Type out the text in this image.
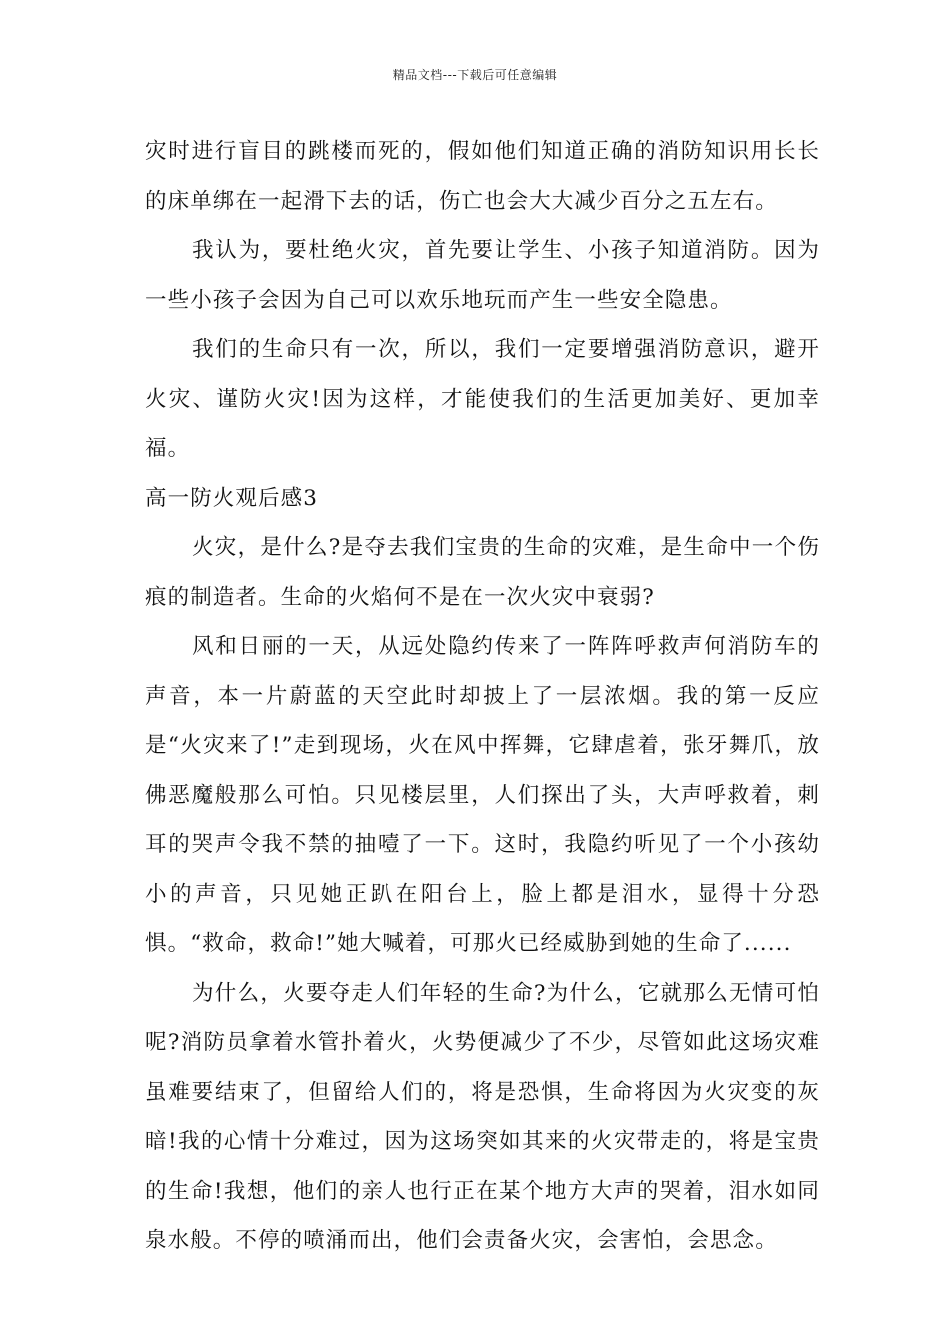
精品文档---下载后可任意编辑

灾时进行盲目的跳楼而死的，假如他们知道正确的消防知识用长长的床单绑在一起滑下去的话，伤亡也会大大减少百分之五左右。

我认为，要杜绝火灾，首先要让学生、小孩子知道消防。因为一些小孩子会因为自己可以欢乐地玩而产生一些安全隐患。

我们的生命只有一次，所以，我们一定要增强消防意识，避开火灾、谨防火灾!因为这样，才能使我们的生活更加美好、更加幸福。

高一防火观后感3

火灾，是什么?是夺去我们宝贵的生命的灾难，是生命中一个伤痕的制造者。生命的火焰何不是在一次火灾中衰弱?

风和日丽的一天，从远处隐约传来了一阵阵呼救声何消防车的声音，本一片蔚蓝的天空此时却披上了一层浓烟。我的第一反应是“火灾来了!”走到现场，火在风中挥舞，它肆虐着，张牙舞爪，放佛恶魔般那么可怕。只见楼层里，人们探出了头，大声呼救着，刺耳的哭声令我不禁的抽噎了一下。这时，我隐约听见了一个小孩幼小的声音，只见她正趴在阳台上，脸上都是泪水，显得十分恐惧。“救命，救命!”她大喊着，可那火已经威胁到她的生命了......

为什么，火要夺走人们年轻的生命?为什么，它就那么无情可怕呢?消防员拿着水管扑着火，火势便减少了不少，尽管如此这场灾难虽难要结束了，但留给人们的，将是恐惧，生命将因为火灾变的灰暗!我的心情十分难过，因为这场突如其来的火灾带走的，将是宝贵的生命!我想，他们的亲人也行正在某个地方大声的哭着，泪水如同泉水般。不停的喷涌而出，他们会责备火灾，会害怕，会思念。
